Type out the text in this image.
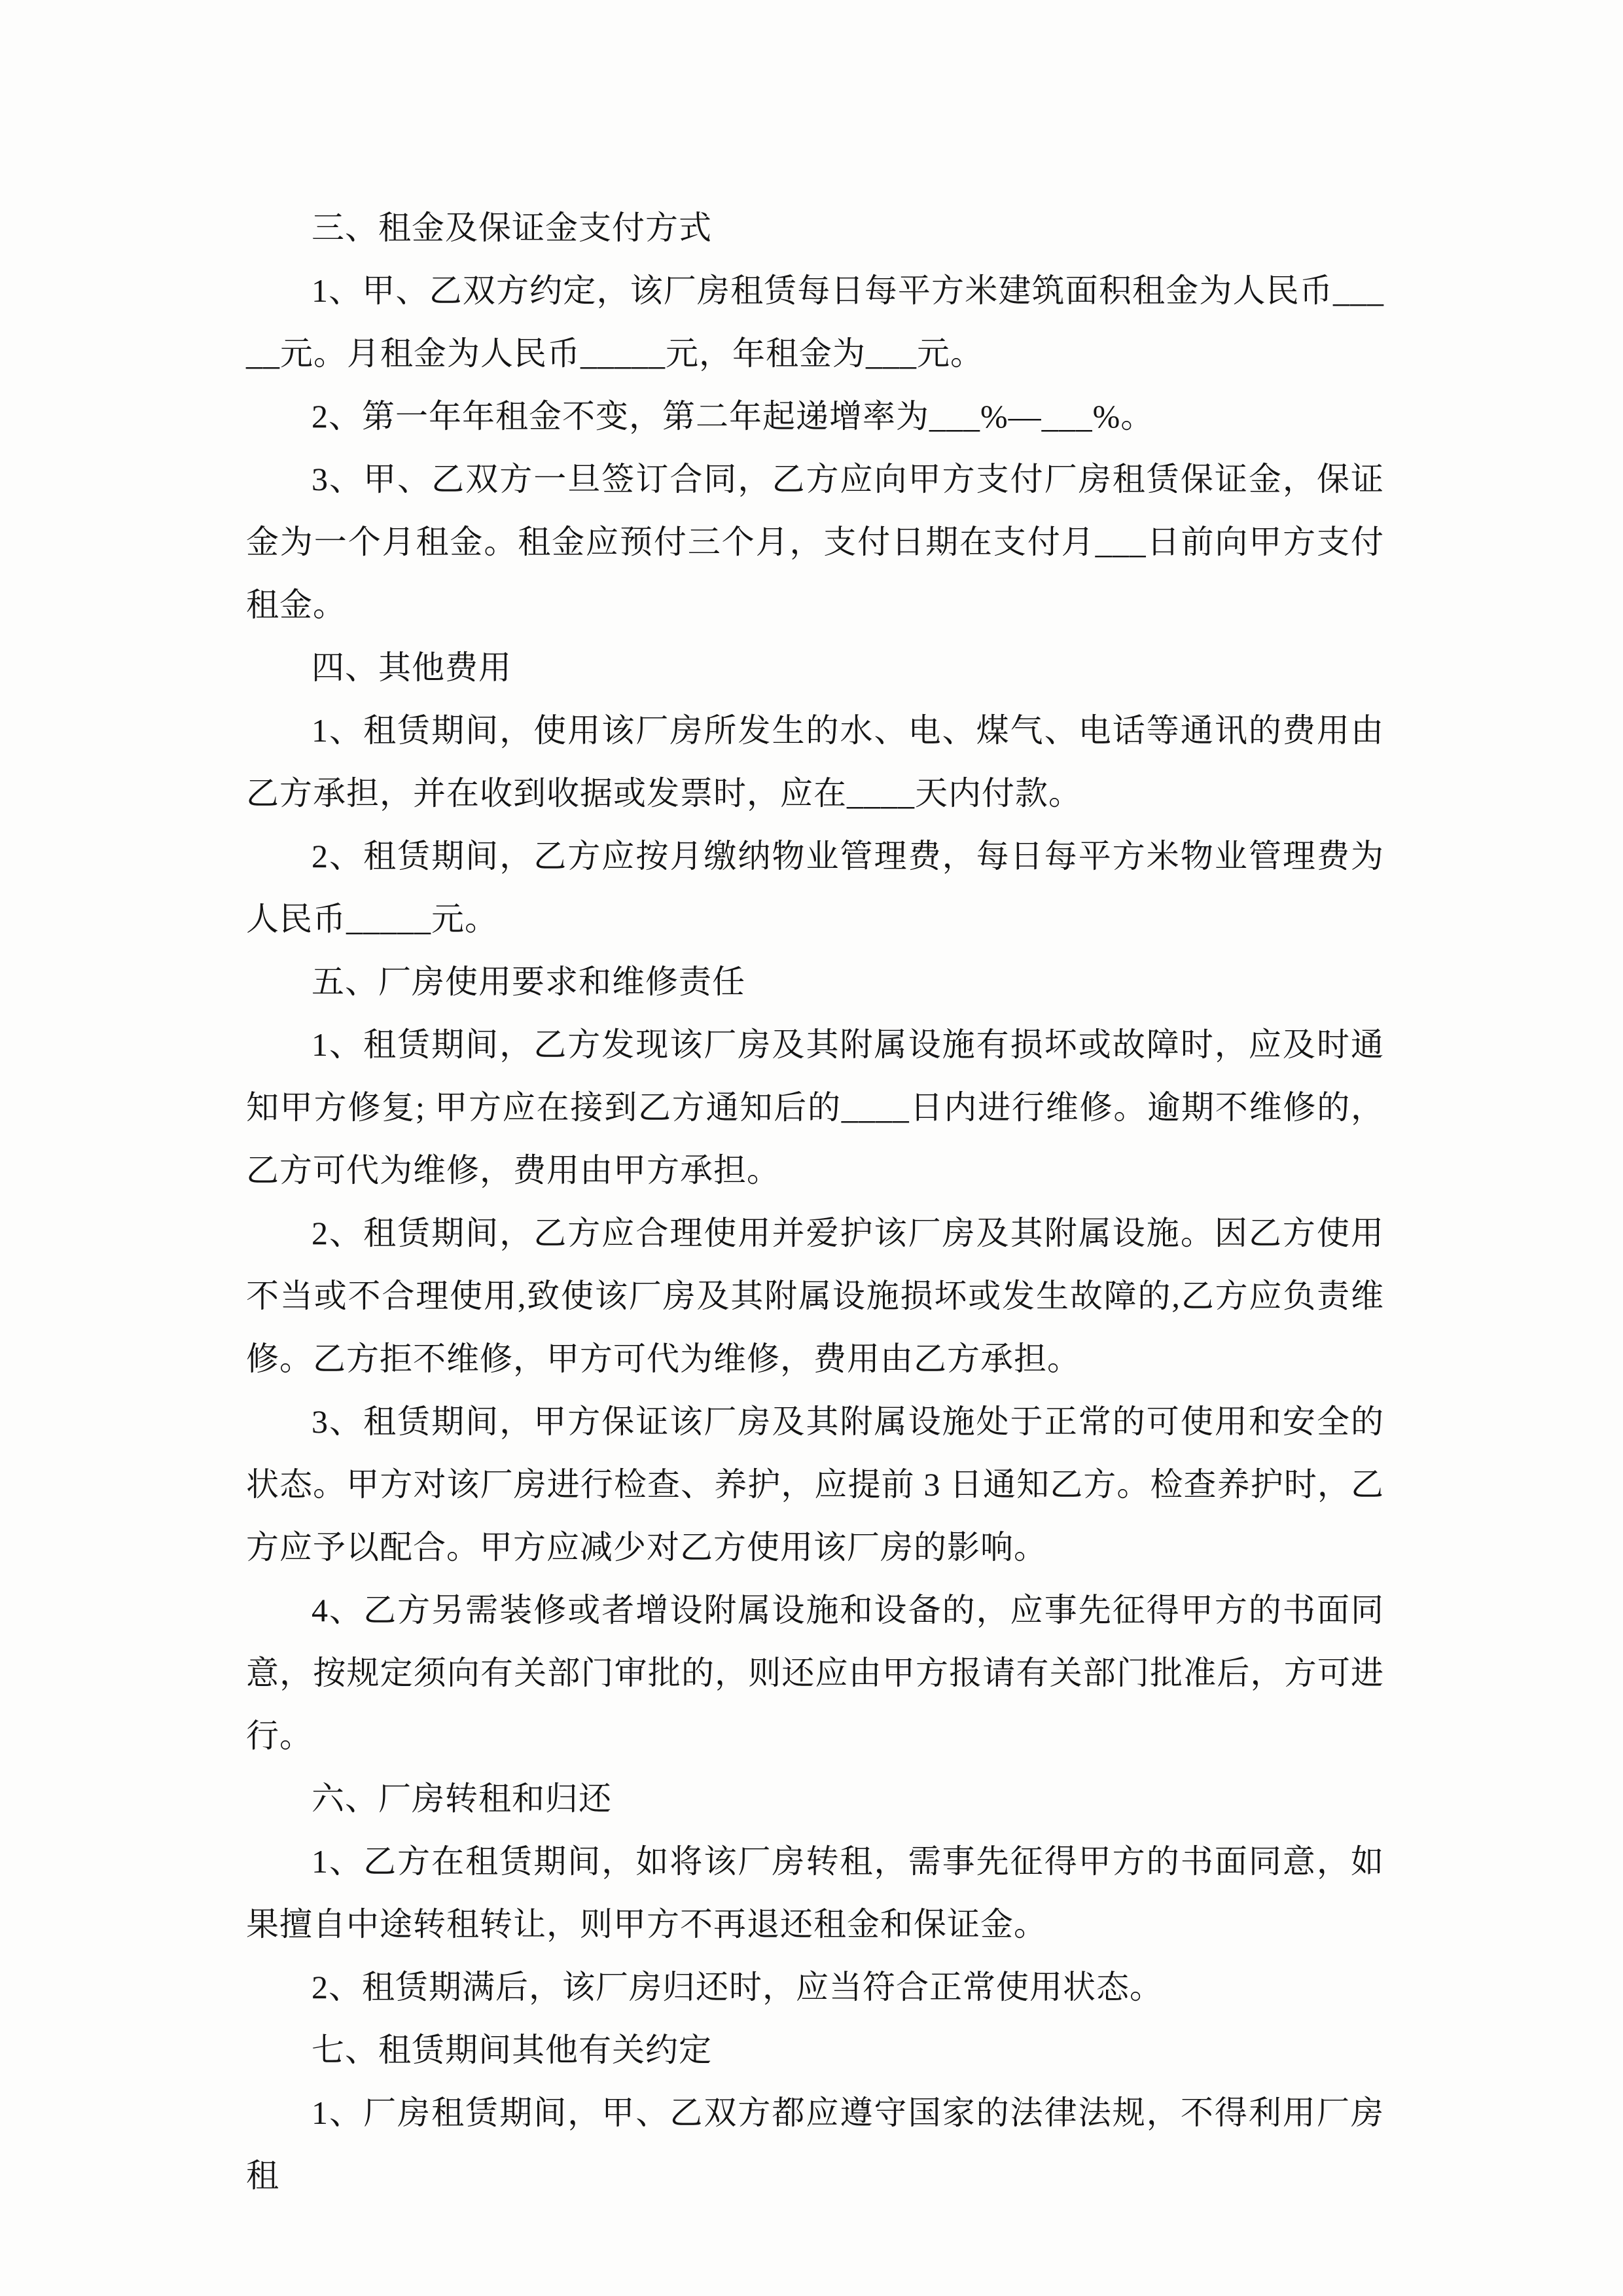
三、租金及保证金支付方式

1、甲、乙双方约定，该厂房租赁每日每平方米建筑面积租金为人民币_____元。月租金为人民币_____元，年租金为___元。

2、第一年年租金不变，第二年起递增率为___%—___%。

3、甲、乙双方一旦签订合同，乙方应向甲方支付厂房租赁保证金，保证金为一个月租金。租金应预付三个月，支付日期在支付月___日前向甲方支付租金。

四、其他费用

1、租赁期间，使用该厂房所发生的水、电、煤气、电话等通讯的费用由乙方承担，并在收到收据或发票时，应在____天内付款。

2、租赁期间，乙方应按月缴纳物业管理费，每日每平方米物业管理费为人民币_____元。

五、厂房使用要求和维修责任

1、租赁期间，乙方发现该厂房及其附属设施有损坏或故障时，应及时通知甲方修复; 甲方应在接到乙方通知后的____日内进行维修。逾期不维修的，乙方可代为维修，费用由甲方承担。

2、租赁期间，乙方应合理使用并爱护该厂房及其附属设施。因乙方使用不当或不合理使用,致使该厂房及其附属设施损坏或发生故障的,乙方应负责维修。乙方拒不维修，甲方可代为维修，费用由乙方承担。

3、租赁期间，甲方保证该厂房及其附属设施处于正常的可使用和安全的状态。甲方对该厂房进行检查、养护，应提前 3 日通知乙方。检查养护时，乙方应予以配合。甲方应减少对乙方使用该厂房的影响。

4、乙方另需装修或者增设附属设施和设备的，应事先征得甲方的书面同意，按规定须向有关部门审批的，则还应由甲方报请有关部门批准后，方可进行。

六、厂房转租和归还

1、乙方在租赁期间，如将该厂房转租，需事先征得甲方的书面同意，如果擅自中途转租转让，则甲方不再退还租金和保证金。

2、租赁期满后，该厂房归还时，应当符合正常使用状态。

七、租赁期间其他有关约定

1、厂房租赁期间，甲、乙双方都应遵守国家的法律法规，不得利用厂房租
